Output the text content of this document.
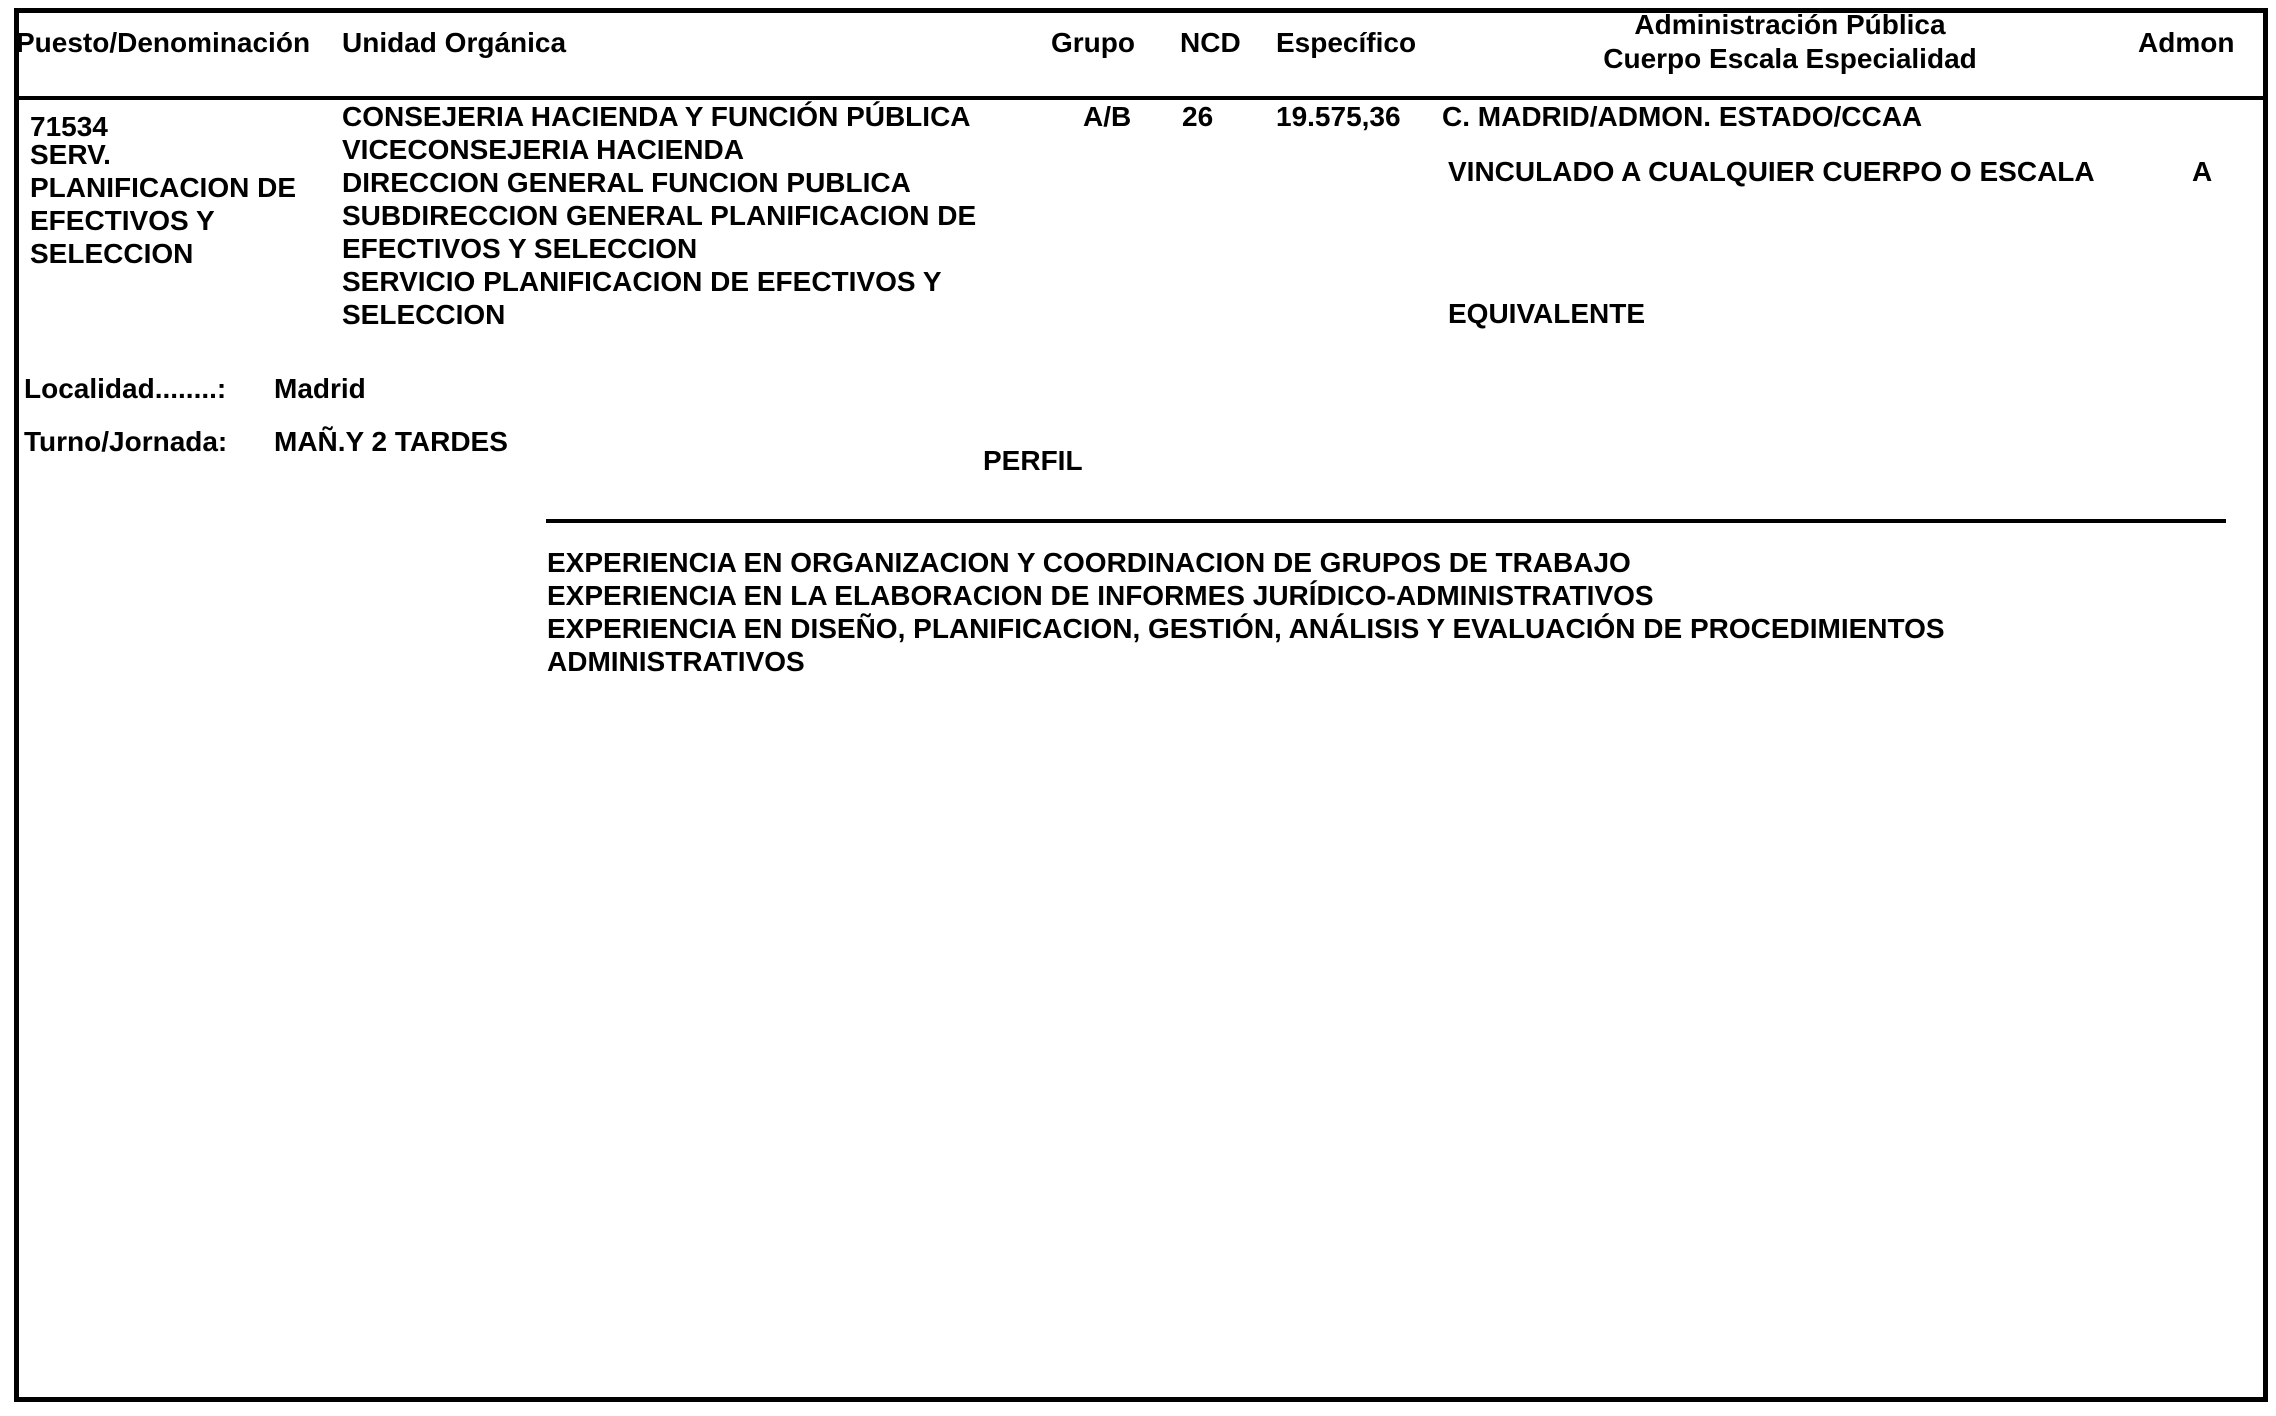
Puesto/Denominación Unidad Orgánica	Grupo NCD Específico
Administración Pública
Cuerpo Escala Especialidad
Admon
71534
SERV.
PLANIFICACION DE
EFECTIVOS Y
SELECCION
CONSEJERIA HACIENDA Y FUNCIÓN PÚBLICA
VICECONSEJERIA HACIENDA
DIRECCION GENERAL FUNCION PUBLICA
SUBDIRECCION GENERAL PLANIFICACION DE
EFECTIVOS Y SELECCION
SERVICIO PLANIFICACION DE EFECTIVOS Y
SELECCION
A/B 26 19.575,36 C. MADRID/ADMON. ESTADO/CCAA
VINCULADO A CUALQUIER CUERPO O ESCALA	A
EQUIVALENTE
Localidad........: Madrid
Turno/Jornada: MAÑ.Y 2 TARDES
PERFIL
EXPERIENCIA EN ORGANIZACION Y COORDINACION DE GRUPOS DE TRABAJO
EXPERIENCIA EN LA ELABORACION DE INFORMES JURÍDICO-ADMINISTRATIVOS
EXPERIENCIA EN DISEÑO, PLANIFICACION, GESTIÓN, ANÁLISIS Y EVALUACIÓN DE PROCEDIMIENTOS
ADMINISTRATIVOS
